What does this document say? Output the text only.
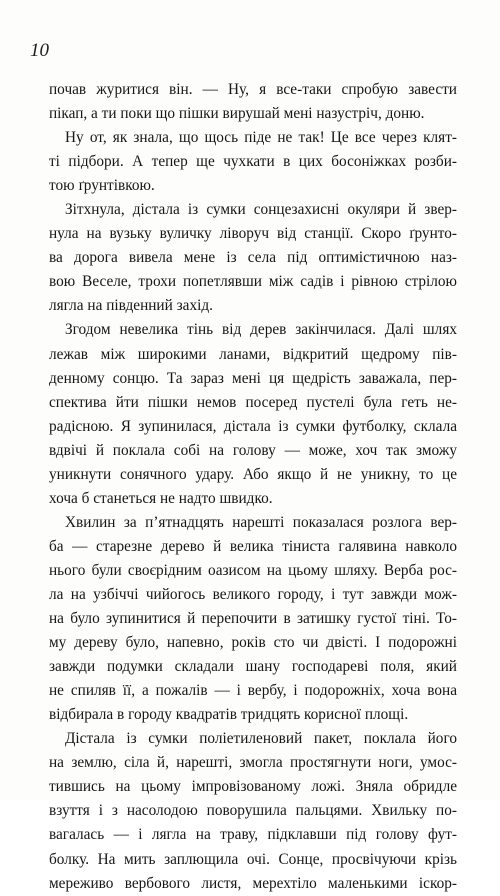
10
почав журитися він. — Ну, я все-таки спробую завести
пікап, а ти поки що пішки вирушай мені назустріч, доню.
Ну от, як знала, що щось піде не так! Це все через клят-
ті підбори. А тепер ще чухкати в цих босоніжках розби-
тою ґрунтівкою.
Зітхнула, дістала із сумки сонцезахисні окуляри й звер-
нула на вузьку вуличку ліворуч від станції. Скоро ґрунто-
ва дорога вивела мене із села під оптимістичною наз-
вою Веселе, трохи попетлявши між садів і рівною стрілою
лягла на південний захід.
Згодом невелика тінь від дерев закінчилася. Далі шлях
лежав між широкими ланами, відкритий щедрому пів-
денному сонцю. Та зараз мені ця щедрість заважала, пер-
спектива йти пішки немов посеред пустелі була геть не-
радісною. Я зупинилася, дістала із сумки футболку, склала
вдвічі й поклала собі на голову — може, хоч так зможу
уникнути сонячного удару. Або якщо й не уникну, то це
хоча б станеться не надто швидко.
Хвилин за п’ятнадцять нарешті показалася розлога вер-
ба — старезне дерево й велика тіниста галявина навколо
нього були своєрідним оазисом на цьому шляху. Верба рос-
ла на узбіччі чийогось великого городу, і тут завжди мож-
на було зупинитися й перепочити в затишку густої тіні. То-
му дереву було, напевно, років сто чи двісті. І подорожні
завжди подумки складали шану господареві поля, який
не спиляв її, а пожалів — і вербу, і подорожніх, хоча вона
відбирала в городу квадратів тридцять корисної площі.
Дістала із сумки поліетиленовий пакет, поклала його
на землю, сіла й, нарешті, змогла простягнути ноги, умос-
тившись на цьому імпровізованому ложі. Зняла обридле
взуття і з насолодою поворушила пальцями. Хвильку по-
вагалась — і лягла на траву, підклавши під голову фут-
болку. На мить заплющила очі. Сонце, просвічуючи крізь
мереживо вербового листя, мерехтіло маленькими іскор-
